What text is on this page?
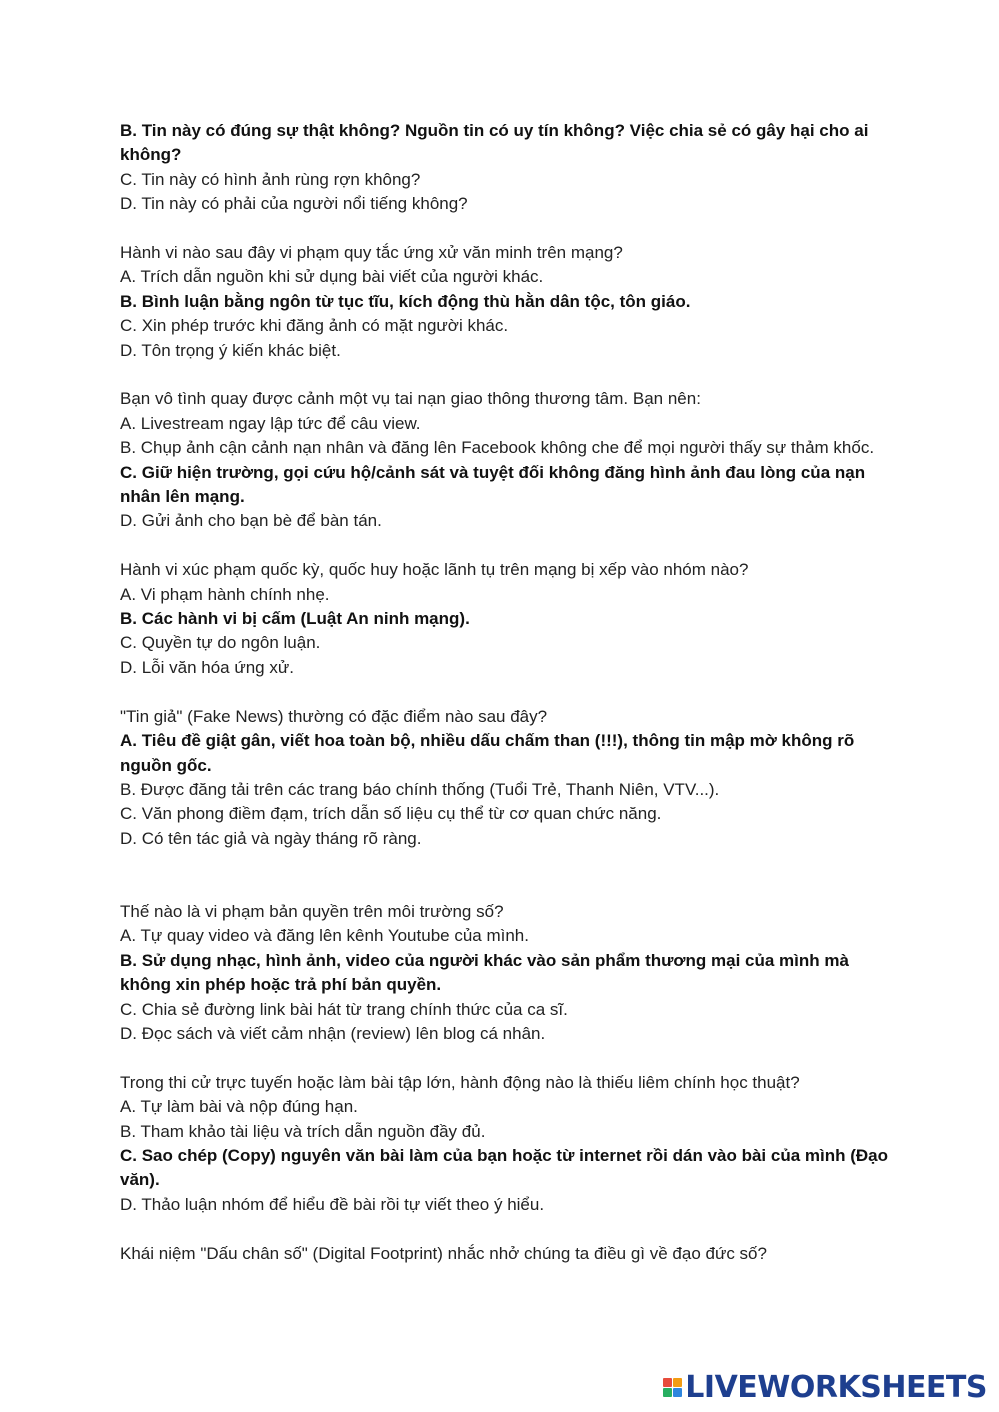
B. Tin này có đúng sự thật không? Nguồn tin có uy tín không? Việc chia sẻ có gây hại cho ai không?

C. Tin này có hình ảnh rùng rợn không?

D. Tin này có phải của người nổi tiếng không?

Hành vi nào sau đây vi phạm quy tắc ứng xử văn minh trên mạng?

A. Trích dẫn nguồn khi sử dụng bài viết của người khác.

B. Bình luận bằng ngôn từ tục tĩu, kích động thù hằn dân tộc, tôn giáo.

C. Xin phép trước khi đăng ảnh có mặt người khác.

D. Tôn trọng ý kiến khác biệt.

Bạn vô tình quay được cảnh một vụ tai nạn giao thông thương tâm. Bạn nên:

A. Livestream ngay lập tức để câu view.

B. Chụp ảnh cận cảnh nạn nhân và đăng lên Facebook không che để mọi người thấy sự thảm khốc.

C. Giữ hiện trường, gọi cứu hộ/cảnh sát và tuyệt đối không đăng hình ảnh đau lòng của nạn nhân lên mạng.

D. Gửi ảnh cho bạn bè để bàn tán.

Hành vi xúc phạm quốc kỳ, quốc huy hoặc lãnh tụ trên mạng bị xếp vào nhóm nào?

A. Vi phạm hành chính nhẹ.

B. Các hành vi bị cấm (Luật An ninh mạng).

C. Quyền tự do ngôn luận.

D. Lỗi văn hóa ứng xử.

"Tin giả" (Fake News) thường có đặc điểm nào sau đây?

A. Tiêu đề giật gân, viết hoa toàn bộ, nhiều dấu chấm than (!!!), thông tin mập mờ không rõ nguồn gốc.

B. Được đăng tải trên các trang báo chính thống (Tuổi Trẻ, Thanh Niên, VTV...).

C. Văn phong điềm đạm, trích dẫn số liệu cụ thể từ cơ quan chức năng.

D. Có tên tác giả và ngày tháng rõ ràng.

Thế nào là vi phạm bản quyền trên môi trường số?

A. Tự quay video và đăng lên kênh Youtube của mình.

B. Sử dụng nhạc, hình ảnh, video của người khác vào sản phẩm thương mại của mình mà không xin phép hoặc trả phí bản quyền.

C. Chia sẻ đường link bài hát từ trang chính thức của ca sĩ.

D. Đọc sách và viết cảm nhận (review) lên blog cá nhân.

Trong thi cử trực tuyến hoặc làm bài tập lớn, hành động nào là thiếu liêm chính học thuật?

A. Tự làm bài và nộp đúng hạn.

B. Tham khảo tài liệu và trích dẫn nguồn đầy đủ.

C. Sao chép (Copy) nguyên văn bài làm của bạn hoặc từ internet rồi dán vào bài của mình (Đạo văn).

D. Thảo luận nhóm để hiểu đề bài rồi tự viết theo ý hiểu.

Khái niệm "Dấu chân số" (Digital Footprint) nhắc nhở chúng ta điều gì về đạo đức số?

LIVEWORKSHEETS
